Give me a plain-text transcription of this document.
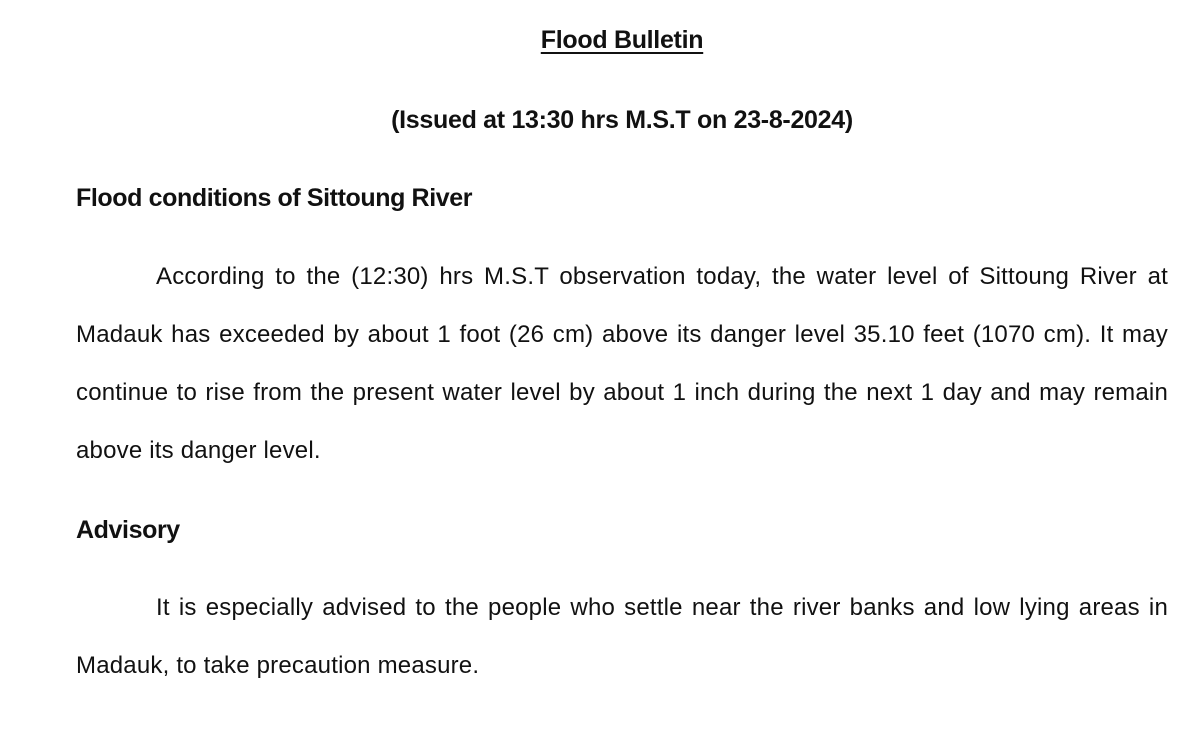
Flood Bulletin
(Issued at 13:30 hrs M.S.T on 23-8-2024)
Flood conditions of Sittoung River

According to the (12:30) hrs M.S.T observation today, the water level of Sittoung River at Madauk has exceeded by about 1 foot (26 cm) above its danger level 35.10 feet (1070 cm). It may continue to rise from the present water level by about 1 inch during the next 1 day and may remain above its danger level.

Advisory

It is especially advised to the people who settle near the river banks and low lying areas in Madauk, to take precaution measure.
